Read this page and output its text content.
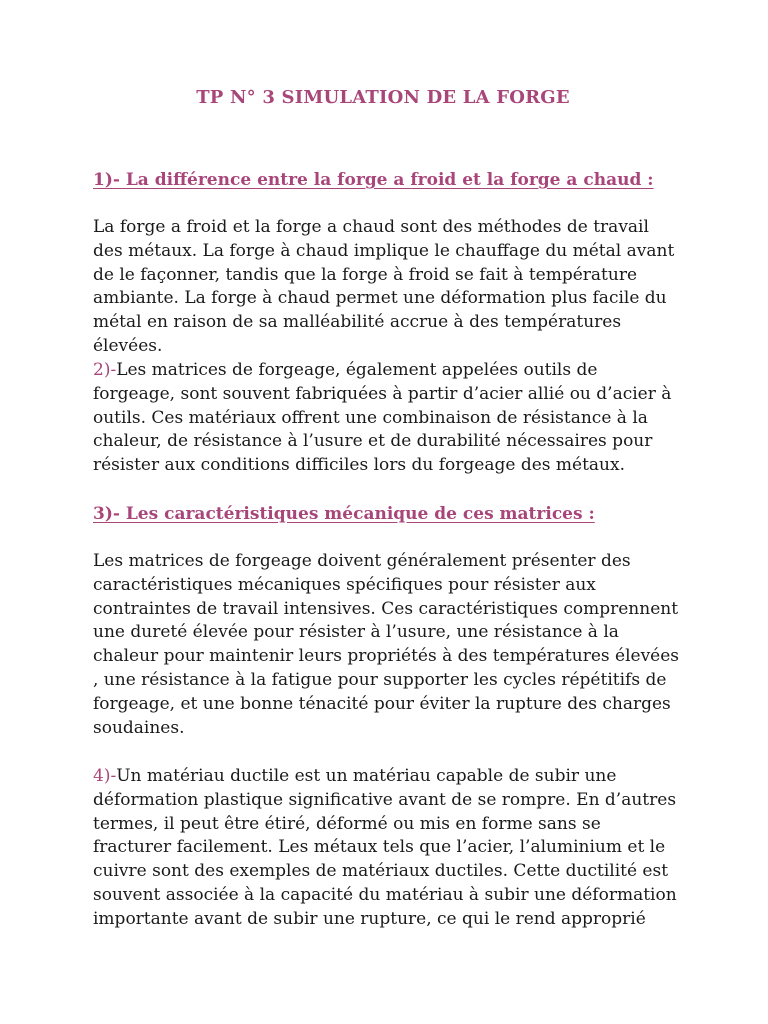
TP N° 3 SIMULATION DE LA FORGE
1)- La différence entre la forge a froid et la forge a chaud :

La forge a froid et la forge a chaud sont des méthodes de travail des métaux. La forge à chaud implique le chauffage du métal avant de le façonner, tandis que la forge à froid se fait à température ambiante. La forge à chaud permet une déformation plus facile du métal en raison de sa malléabilité accrue à des températures élevées.

2)-Les matrices de forgeage, également appelées outils de forgeage, sont souvent fabriquées à partir d’acier allié ou d’acier à outils. Ces matériaux offrent une combinaison de résistance à la chaleur, de résistance à l’usure et de durabilité nécessaires pour résister aux conditions difficiles lors du forgeage des métaux.

3)- Les caractéristiques mécanique de ces matrices :

Les matrices de forgeage doivent généralement présenter des caractéristiques mécaniques spécifiques pour résister aux contraintes de travail intensives. Ces caractéristiques comprennent une dureté élevée pour résister à l’usure, une résistance à la chaleur pour maintenir leurs propriétés à des températures élevées , une résistance à la fatigue pour supporter les cycles répétitifs de forgeage, et une bonne ténacité pour éviter la rupture des charges soudaines.

4)-Un matériau ductile est un matériau capable de subir une déformation plastique significative avant de se rompre. En d’autres termes, il peut être étiré, déformé ou mis en forme sans se fracturer facilement. Les métaux tels que l’acier, l’aluminium et le cuivre sont des exemples de matériaux ductiles. Cette ductilité est souvent associée à la capacité du matériau à subir une déformation importante avant de subir une rupture, ce qui le rend approprié
